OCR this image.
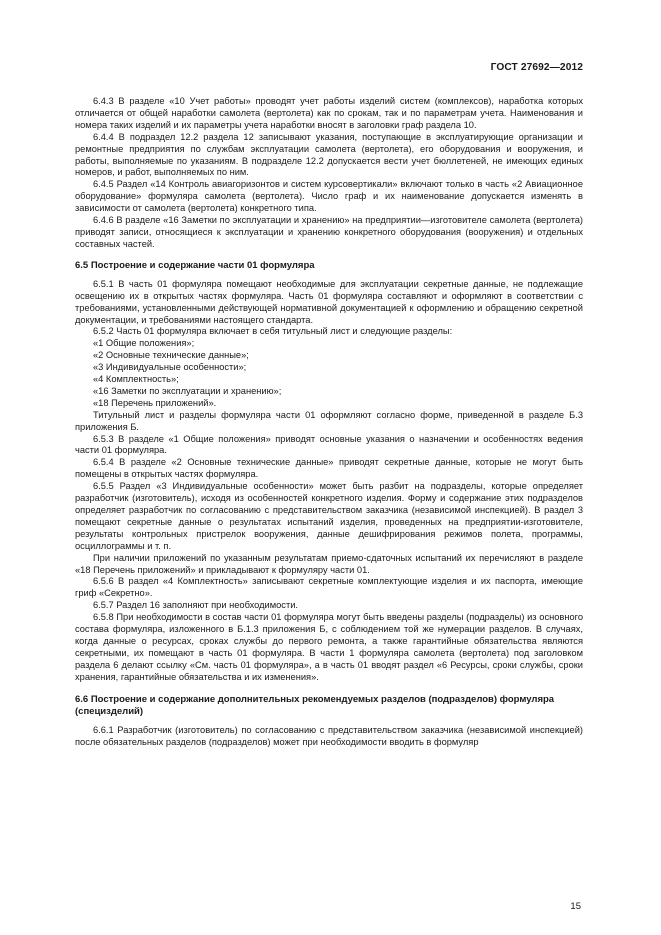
ГОСТ 27692—2012

6.4.3 В разделе «10 Учет работы» проводят учет работы изделий систем (комплексов), наработка которых отличается от общей наработки самолета (вертолета) как по срокам, так и по параметрам учета. Наименования и номера таких изделий и их параметры учета наработки вносят в заголовки граф раздела 10.

6.4.4 В подраздел 12.2 раздела 12 записывают указания, поступающие в эксплуатирующие организации и ремонтные предприятия по службам эксплуатации самолета (вертолета), его оборудования и вооружения, и работы, выполняемые по указаниям. В подразделе 12.2 допускается вести учет бюллетеней, не имеющих единых номеров, и работ, выполняемых по ним.

6.4.5 Раздел «14 Контроль авиагоризонтов и систем курсовертикали» включают только в часть «2 Авиационное оборудование» формуляра самолета (вертолета). Число граф и их наименование допускается изменять в зависимости от самолета (вертолета) конкретного типа.

6.4.6 В разделе «16 Заметки по эксплуатации и хранению» на предприятии—изготовителе самолета (вертолета) приводят записи, относящиеся к эксплуатации и хранению конкретного оборудования (вооружения) и отдельных составных частей.

6.5 Построение и содержание части 01 формуляра

6.5.1 В часть 01 формуляра помещают необходимые для эксплуатации секретные данные, не подлежащие освещению их в открытых частях формуляра. Часть 01 формуляра составляют и оформляют в соответствии с требованиями, установленными действующей нормативной документацией к оформлению и обращению секретной документации, и требованиями настоящего стандарта.

6.5.2 Часть 01 формуляра включает в себя титульный лист и следующие разделы:

«1 Общие положения»;

«2 Основные технические данные»;

«3 Индивидуальные особенности»;

«4 Комплектность»;

«16 Заметки по эксплуатации и хранению»;

«18 Перечень приложений».

Титульный лист и разделы формуляра части 01 оформляют согласно форме, приведенной в разделе Б.3 приложения Б.

6.5.3 В разделе «1 Общие положения» приводят основные указания о назначении и особенностях ведения части 01 формуляра.

6.5.4 В разделе «2 Основные технические данные» приводят секретные данные, которые не могут быть помещены в открытых частях формуляра.

6.5.5 Раздел «3 Индивидуальные особенности» может быть разбит на подразделы, которые определяет разработчик (изготовитель), исходя из особенностей конкретного изделия. Форму и содержание этих подразделов определяет разработчик по согласованию с представительством заказчика (независимой инспекцией). В раздел 3 помещают секретные данные о результатах испытаний изделия, проведенных на предприятии-изготовителе, результаты контрольных пристрелок вооружения, данные дешифрирования режимов полета, программы, осциллограммы и т. п.

При наличии приложений по указанным результатам приемо-сдаточных испытаний их перечисляют в разделе «18 Перечень приложений» и прикладывают к формуляру части 01.

6.5.6 В раздел «4 Комплектность» записывают секретные комплектующие изделия и их паспорта, имеющие гриф «Секретно».

6.5.7 Раздел 16 заполняют при необходимости.

6.5.8 При необходимости в состав части 01 формуляра могут быть введены разделы (подразделы) из основного состава формуляра, изложенного в Б.1.3 приложения Б, с соблюдением той же нумерации разделов. В случаях, когда данные о ресурсах, сроках службы до первого ремонта, а также гарантийные обязательства являются секретными, их помещают в часть 01 формуляра. В части 1 формуляра самолета (вертолета) под заголовком раздела 6 делают ссылку «См. часть 01 формуляра», а в часть 01 вводят раздел «6 Ресурсы, сроки службы, сроки хранения, гарантийные обязательства и их изменения».

6.6 Построение и содержание дополнительных рекомендуемых разделов (подразделов) формуляра (специзделий)

6.6.1 Разработчик (изготовитель) по согласованию с представительством заказчика (независимой инспекцией) после обязательных разделов (подразделов) может при необходимости вводить в формуляр

15
